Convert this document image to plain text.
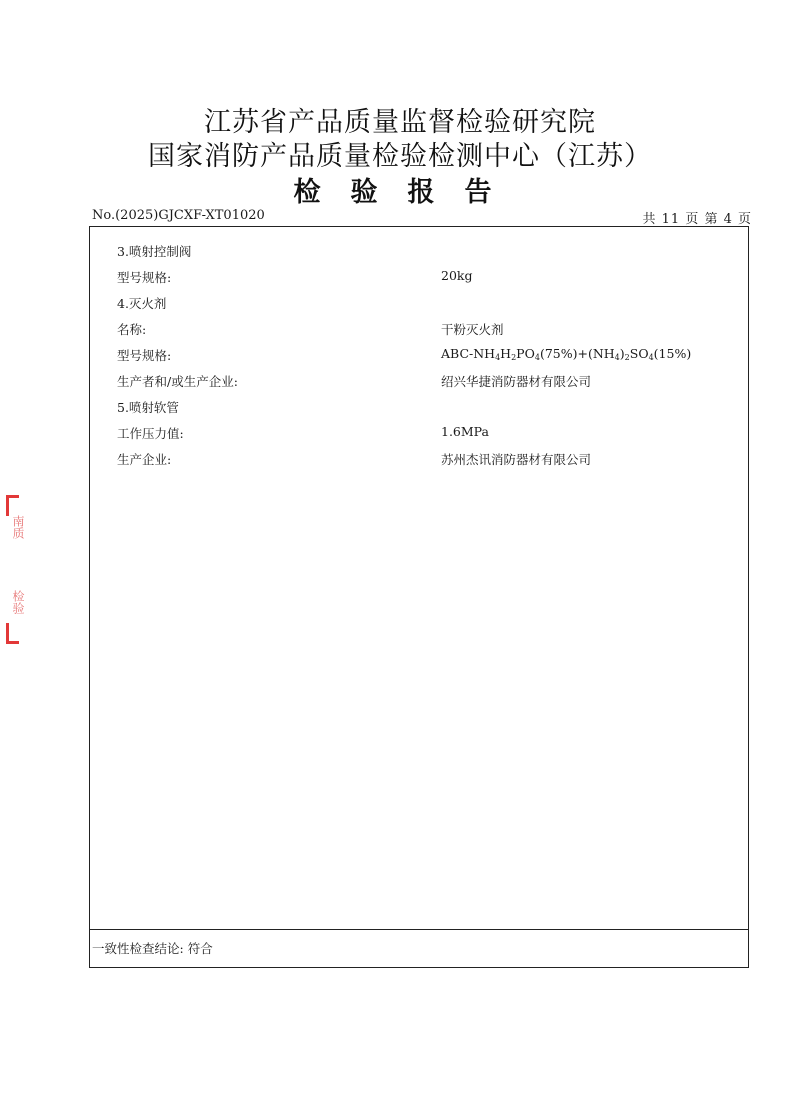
江苏省产品质量监督检验研究院
国家消防产品质量检验检测中心（江苏）
检验报告
No.(2025)GJCXF-XT01020	共 11 页 第 4 页
南质
检验
3.喷射控制阀
型号规格:	20kg
4.灭火剂
名称:	干粉灭火剂
型号规格:	ABC-$NH_4H_2PO_4(75\%)+(NH_4)_2SO_4(15\%)$
生产者和/或生产企业:	绍兴华捷消防器材有限公司
5.喷射软管
工作压力值:	1.6MPa
生产企业:	苏州杰讯消防器材有限公司
一致性检查结论: 符合
